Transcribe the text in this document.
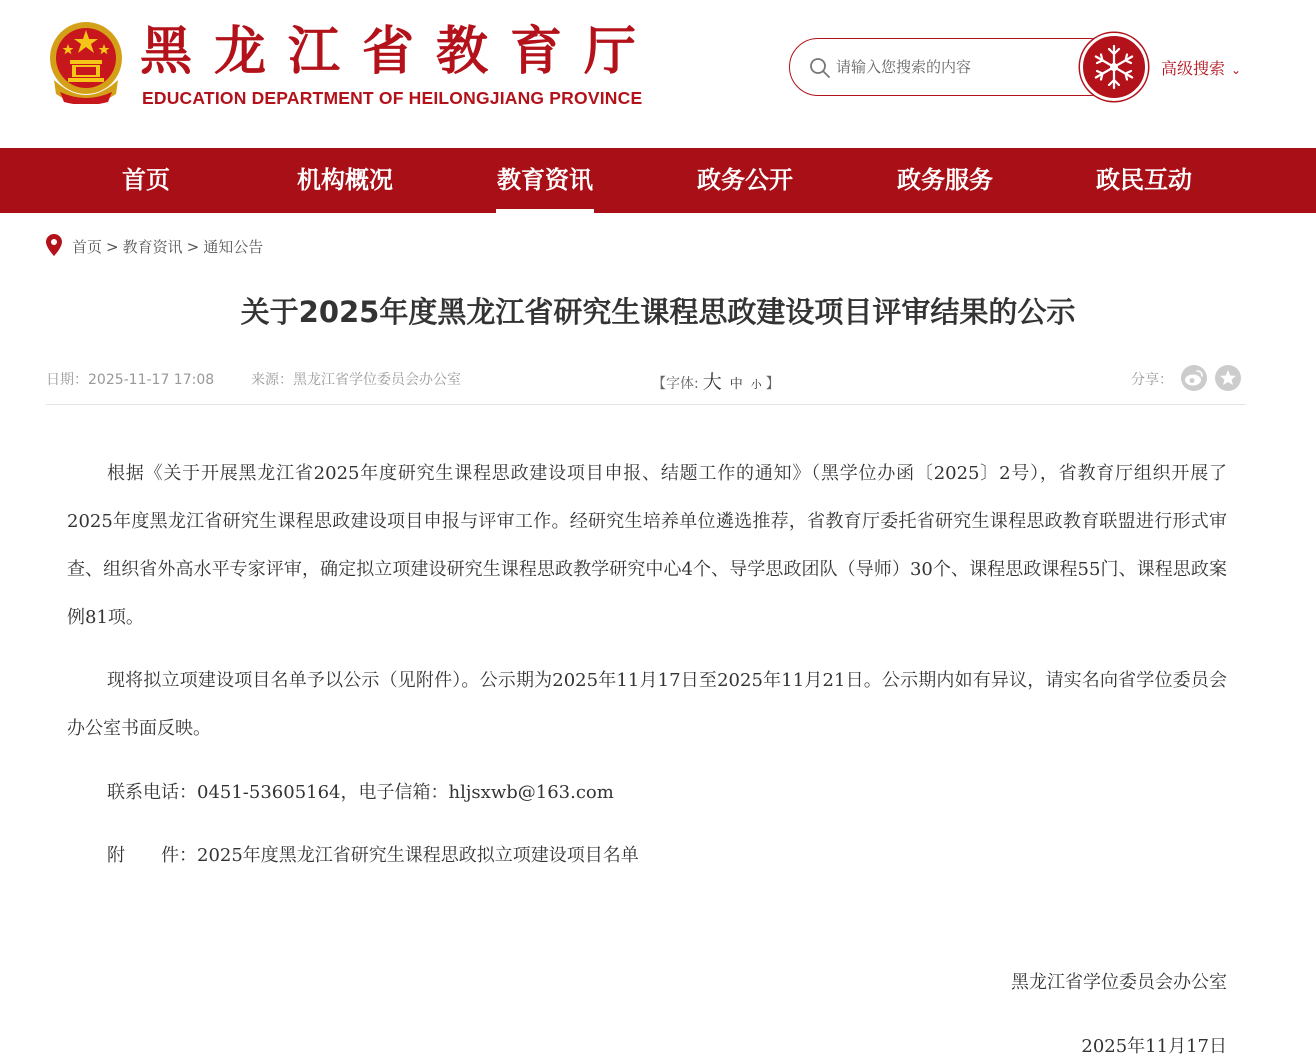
黑龙江省教育厅
EDUCATION DEPARTMENT OF HEILONGJIANG PROVINCE
请输入您搜索的内容
高级搜索 ⌄
首页	机构概况	教育资讯	政务公开	政务服务	政民互动
首页 > 教育资讯 > 通知公告
关于2025年度黑龙江省研究生课程思政建设项目评审结果的公示
日期：2025-11-17 17:08	来源：黑龙江省学位委员会办公室	【字体: 大 中 小 】	分享：

根据《关于开展黑龙江省2025年度研究生课程思政建设项目申报、结题工作的通知》（黑学位办函〔2025〕2号），省教育厅组织开展了2025年度黑龙江省研究生课程思政建设项目申报与评审工作。经研究生培养单位遴选推荐，省教育厅委托省研究生课程思政教育联盟进行形式审查、组织省外高水平专家评审，确定拟立项建设研究生课程思政教学研究中心4个、导学思政团队（导师）30个、课程思政课程55门、课程思政案例81项。

现将拟立项建设项目名单予以公示（见附件）。公示期为2025年11月17日至2025年11月21日。公示期内如有异议，请实名向省学位委员会办公室书面反映。

联系电话：0451-53605164，电子信箱：hljsxwb@163.com

附　　件：2025年度黑龙江省研究生课程思政拟立项建设项目名单

黑龙江省学位委员会办公室
2025年11月17日
